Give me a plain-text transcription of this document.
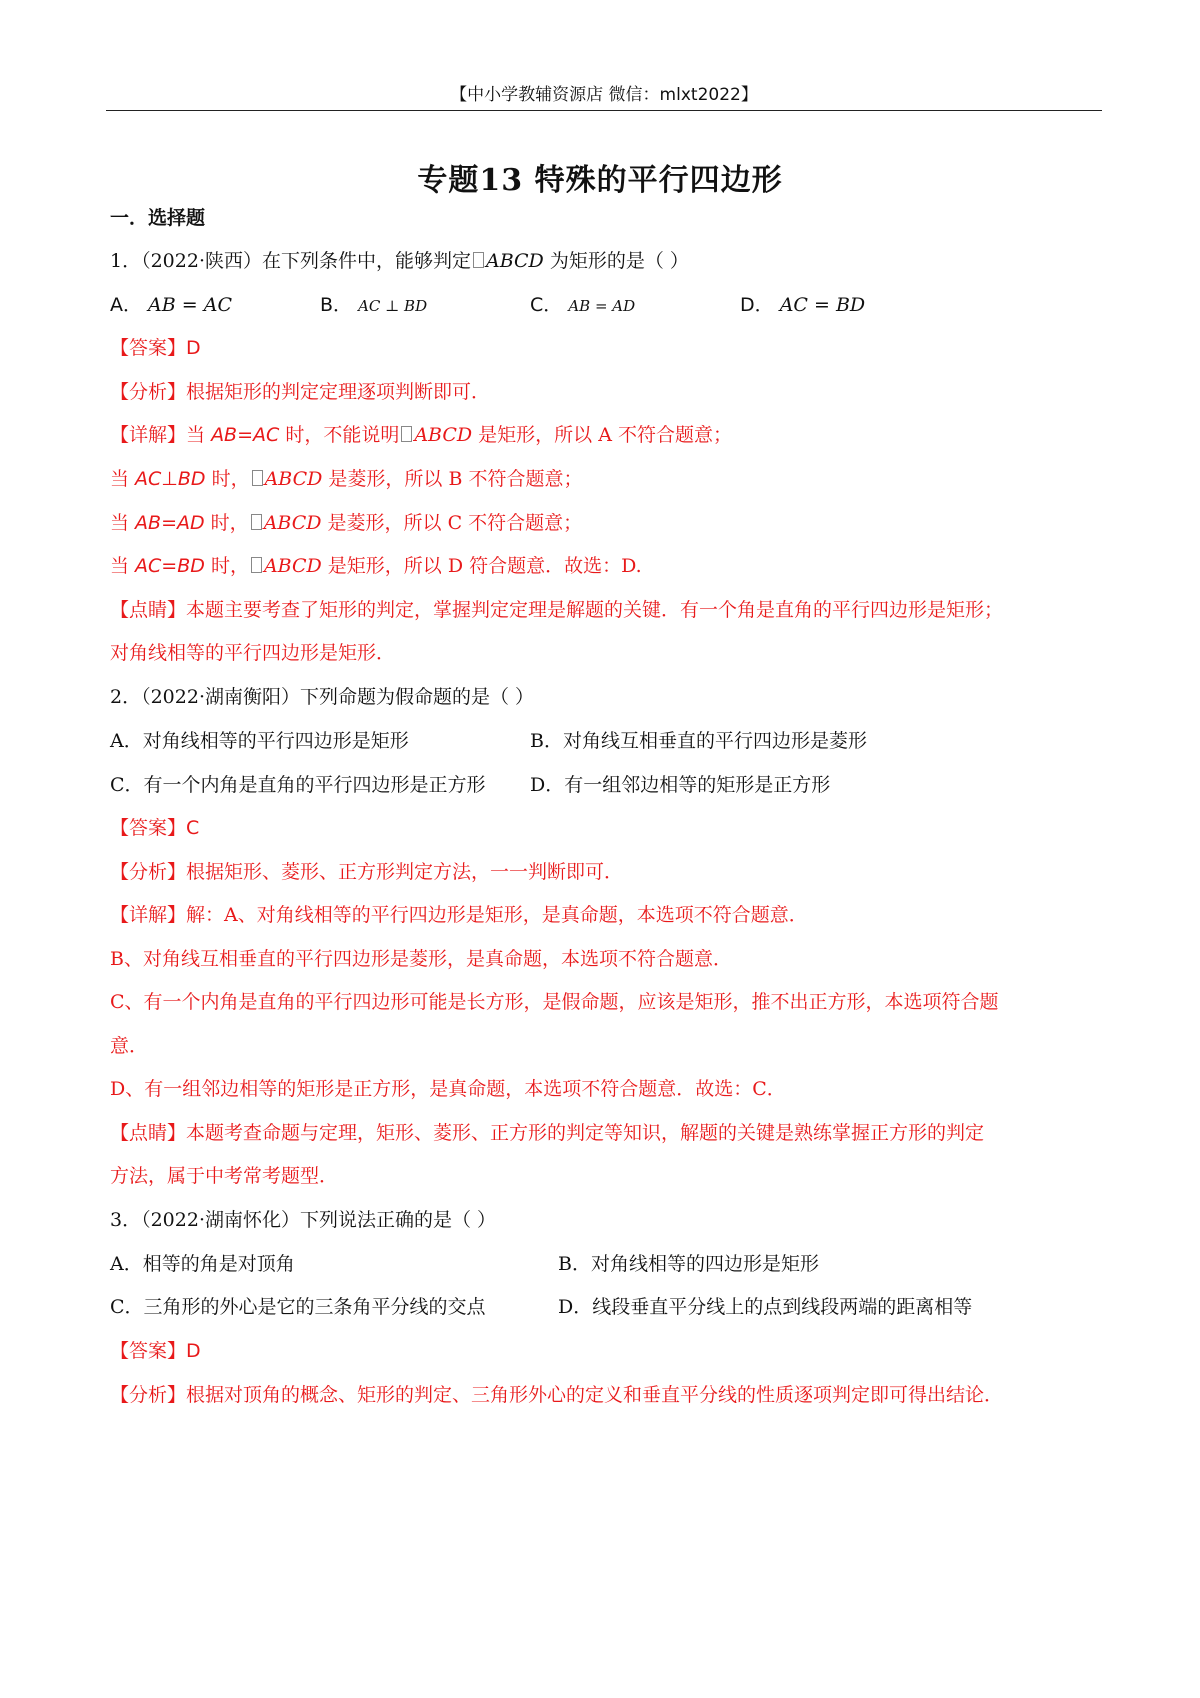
【中小学教辅资源店 微信：mlxt2022】
专题13 特殊的平行四边形
一．选择题
1．（2022·陕西）在下列条件中，能够判定 ABCD 为矩形的是（ ）
A． AB = AC	B． AC ⊥ BD	C． AB = AD	D． AC = BD
【答案】D
【分析】根据矩形的判定定理逐项判断即可．
【详解】当 AB=AC 时，不能说明 ABCD 是矩形，所以 A 不符合题意；
当 AC⊥BD 时， ABCD 是菱形，所以 B 不符合题意；
当 AB=AD 时， ABCD 是菱形，所以 C 不符合题意；
当 AC=BD 时， ABCD 是矩形，所以 D 符合题意．故选：D.
【点睛】本题主要考查了矩形的判定，掌握判定定理是解题的关键．有一个角是直角的平行四边形是矩形；
对角线相等的平行四边形是矩形．
2．（2022·湖南衡阳）下列命题为假命题的是（ ）
A．对角线相等的平行四边形是矩形	B．对角线互相垂直的平行四边形是菱形
C．有一个内角是直角的平行四边形是正方形 D．有一组邻边相等的矩形是正方形
【答案】C
【分析】根据矩形、菱形、正方形判定方法，一一判断即可．
【详解】解：A、对角线相等的平行四边形是矩形，是真命题，本选项不符合题意．
B、对角线互相垂直的平行四边形是菱形，是真命题，本选项不符合题意．
C、有一个内角是直角的平行四边形可能是长方形，是假命题，应该是矩形，推不出正方形，本选项符合题
意．
D、有一组邻边相等的矩形是正方形，是真命题，本选项不符合题意．故选：C．
【点睛】本题考查命题与定理，矩形、菱形、正方形的判定等知识，解题的关键是熟练掌握正方形的判定
方法，属于中考常考题型．
3．（2022·湖南怀化）下列说法正确的是（ ）
A．相等的角是对顶角	B．对角线相等的四边形是矩形
C．三角形的外心是它的三条角平分线的交点	D．线段垂直平分线上的点到线段两端的距离相等
【答案】D
【分析】根据对顶角的概念、矩形的判定、三角形外心的定义和垂直平分线的性质逐项判定即可得出结论．
